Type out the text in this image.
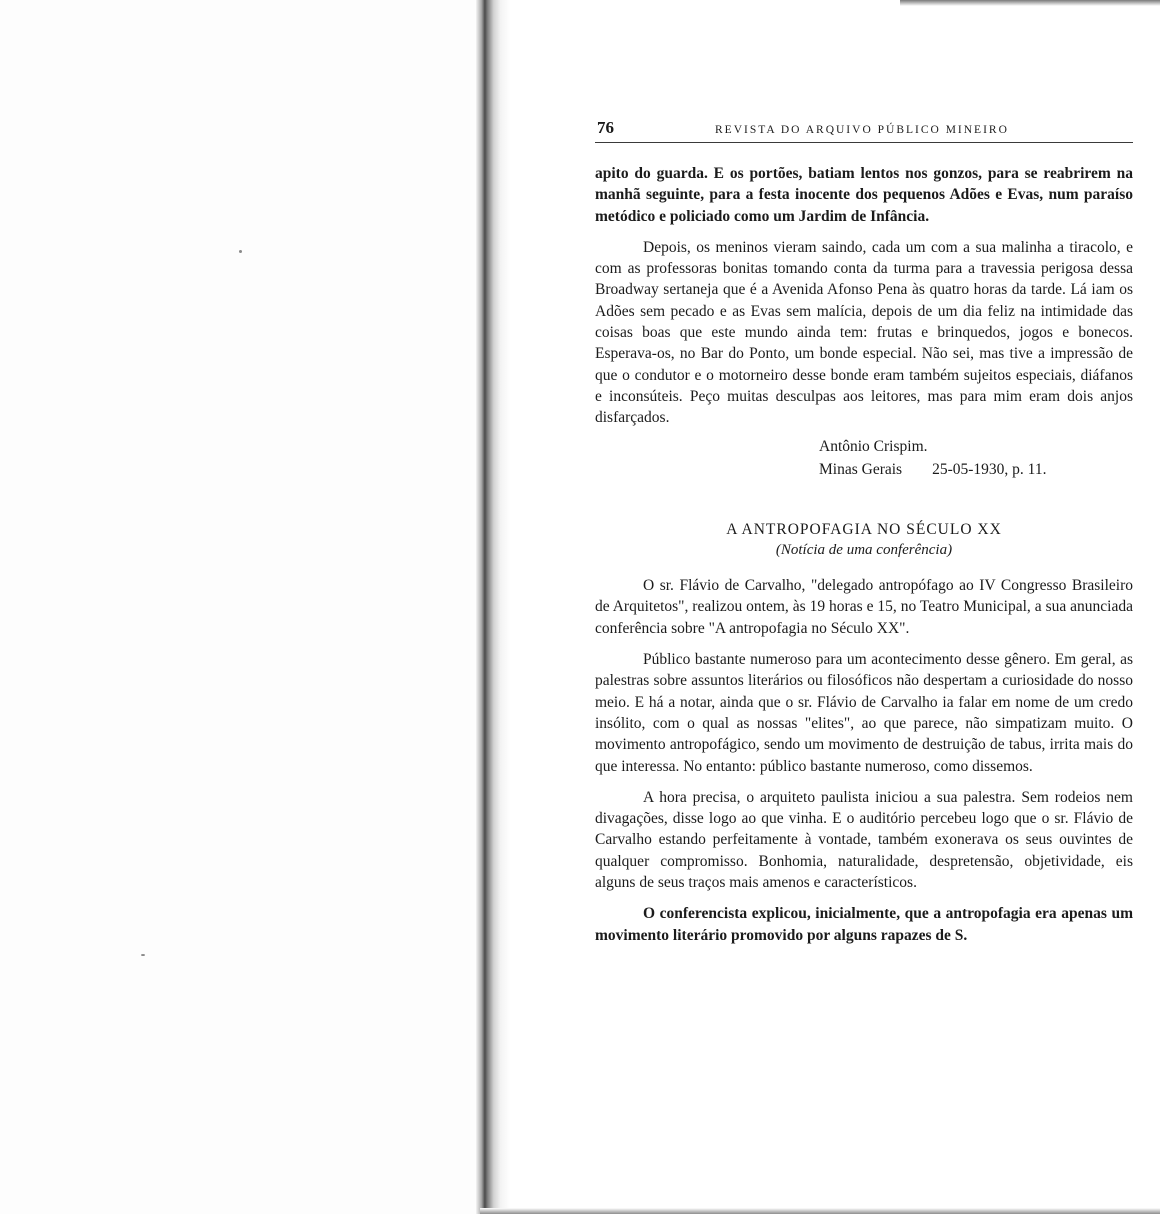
76	REVISTA DO ARQUIVO PÚBLICO MINEIRO

apito do guarda. E os portões, batiam lentos nos gonzos, para se reabrirem na manhã seguinte, para a festa inocente dos pequenos Adões e Evas, num paraíso metódico e policiado como um Jardim de Infância.

Depois, os meninos vieram saindo, cada um com a sua malinha a tiracolo, e com as professoras bonitas tomando conta da turma para a travessia perigosa dessa Broadway sertaneja que é a Avenida Afonso Pena às quatro horas da tarde. Lá iam os Adões sem pecado e as Evas sem malícia, depois de um dia feliz na intimidade das coisas boas que este mundo ainda tem: frutas e brinquedos, jogos e bonecos. Esperava-os, no Bar do Ponto, um bonde especial. Não sei, mas tive a impressão de que o condutor e o motorneiro desse bonde eram também sujeitos especiais, diáfanos e inconsúteis. Peço muitas desculpas aos leitores, mas para mim eram dois anjos disfarçados.

Antônio Crispim.

Minas Gerais 25-05-1930, p. 11.

A ANTROPOFAGIA NO SÉCULO XX

(Notícia de uma conferência)

O sr. Flávio de Carvalho, "delegado antropófago ao IV Congresso Brasileiro de Arquitetos", realizou ontem, às 19 horas e 15, no Teatro Municipal, a sua anunciada conferência sobre "A antropofagia no Século XX".

Público bastante numeroso para um acontecimento desse gênero. Em geral, as palestras sobre assuntos literários ou filosóficos não despertam a curiosidade do nosso meio. E há a notar, ainda que o sr. Flávio de Carvalho ia falar em nome de um credo insólito, com o qual as nossas "elites", ao que parece, não simpatizam muito. O movimento antropofágico, sendo um movimento de destruição de tabus, irrita mais do que interessa. No entanto: público bastante numeroso, como dissemos.

A hora precisa, o arquiteto paulista iniciou a sua palestra. Sem rodeios nem divagações, disse logo ao que vinha. E o auditório percebeu logo que o sr. Flávio de Carvalho estando perfeitamente à vontade, também exonerava os seus ouvintes de qualquer compromisso. Bonhomia, naturalidade, despretensão, objetividade, eis alguns de seus traços mais amenos e característicos.

O conferencista explicou, inicialmente, que a antropofagia era apenas um movimento literário promovido por alguns rapazes de S.
